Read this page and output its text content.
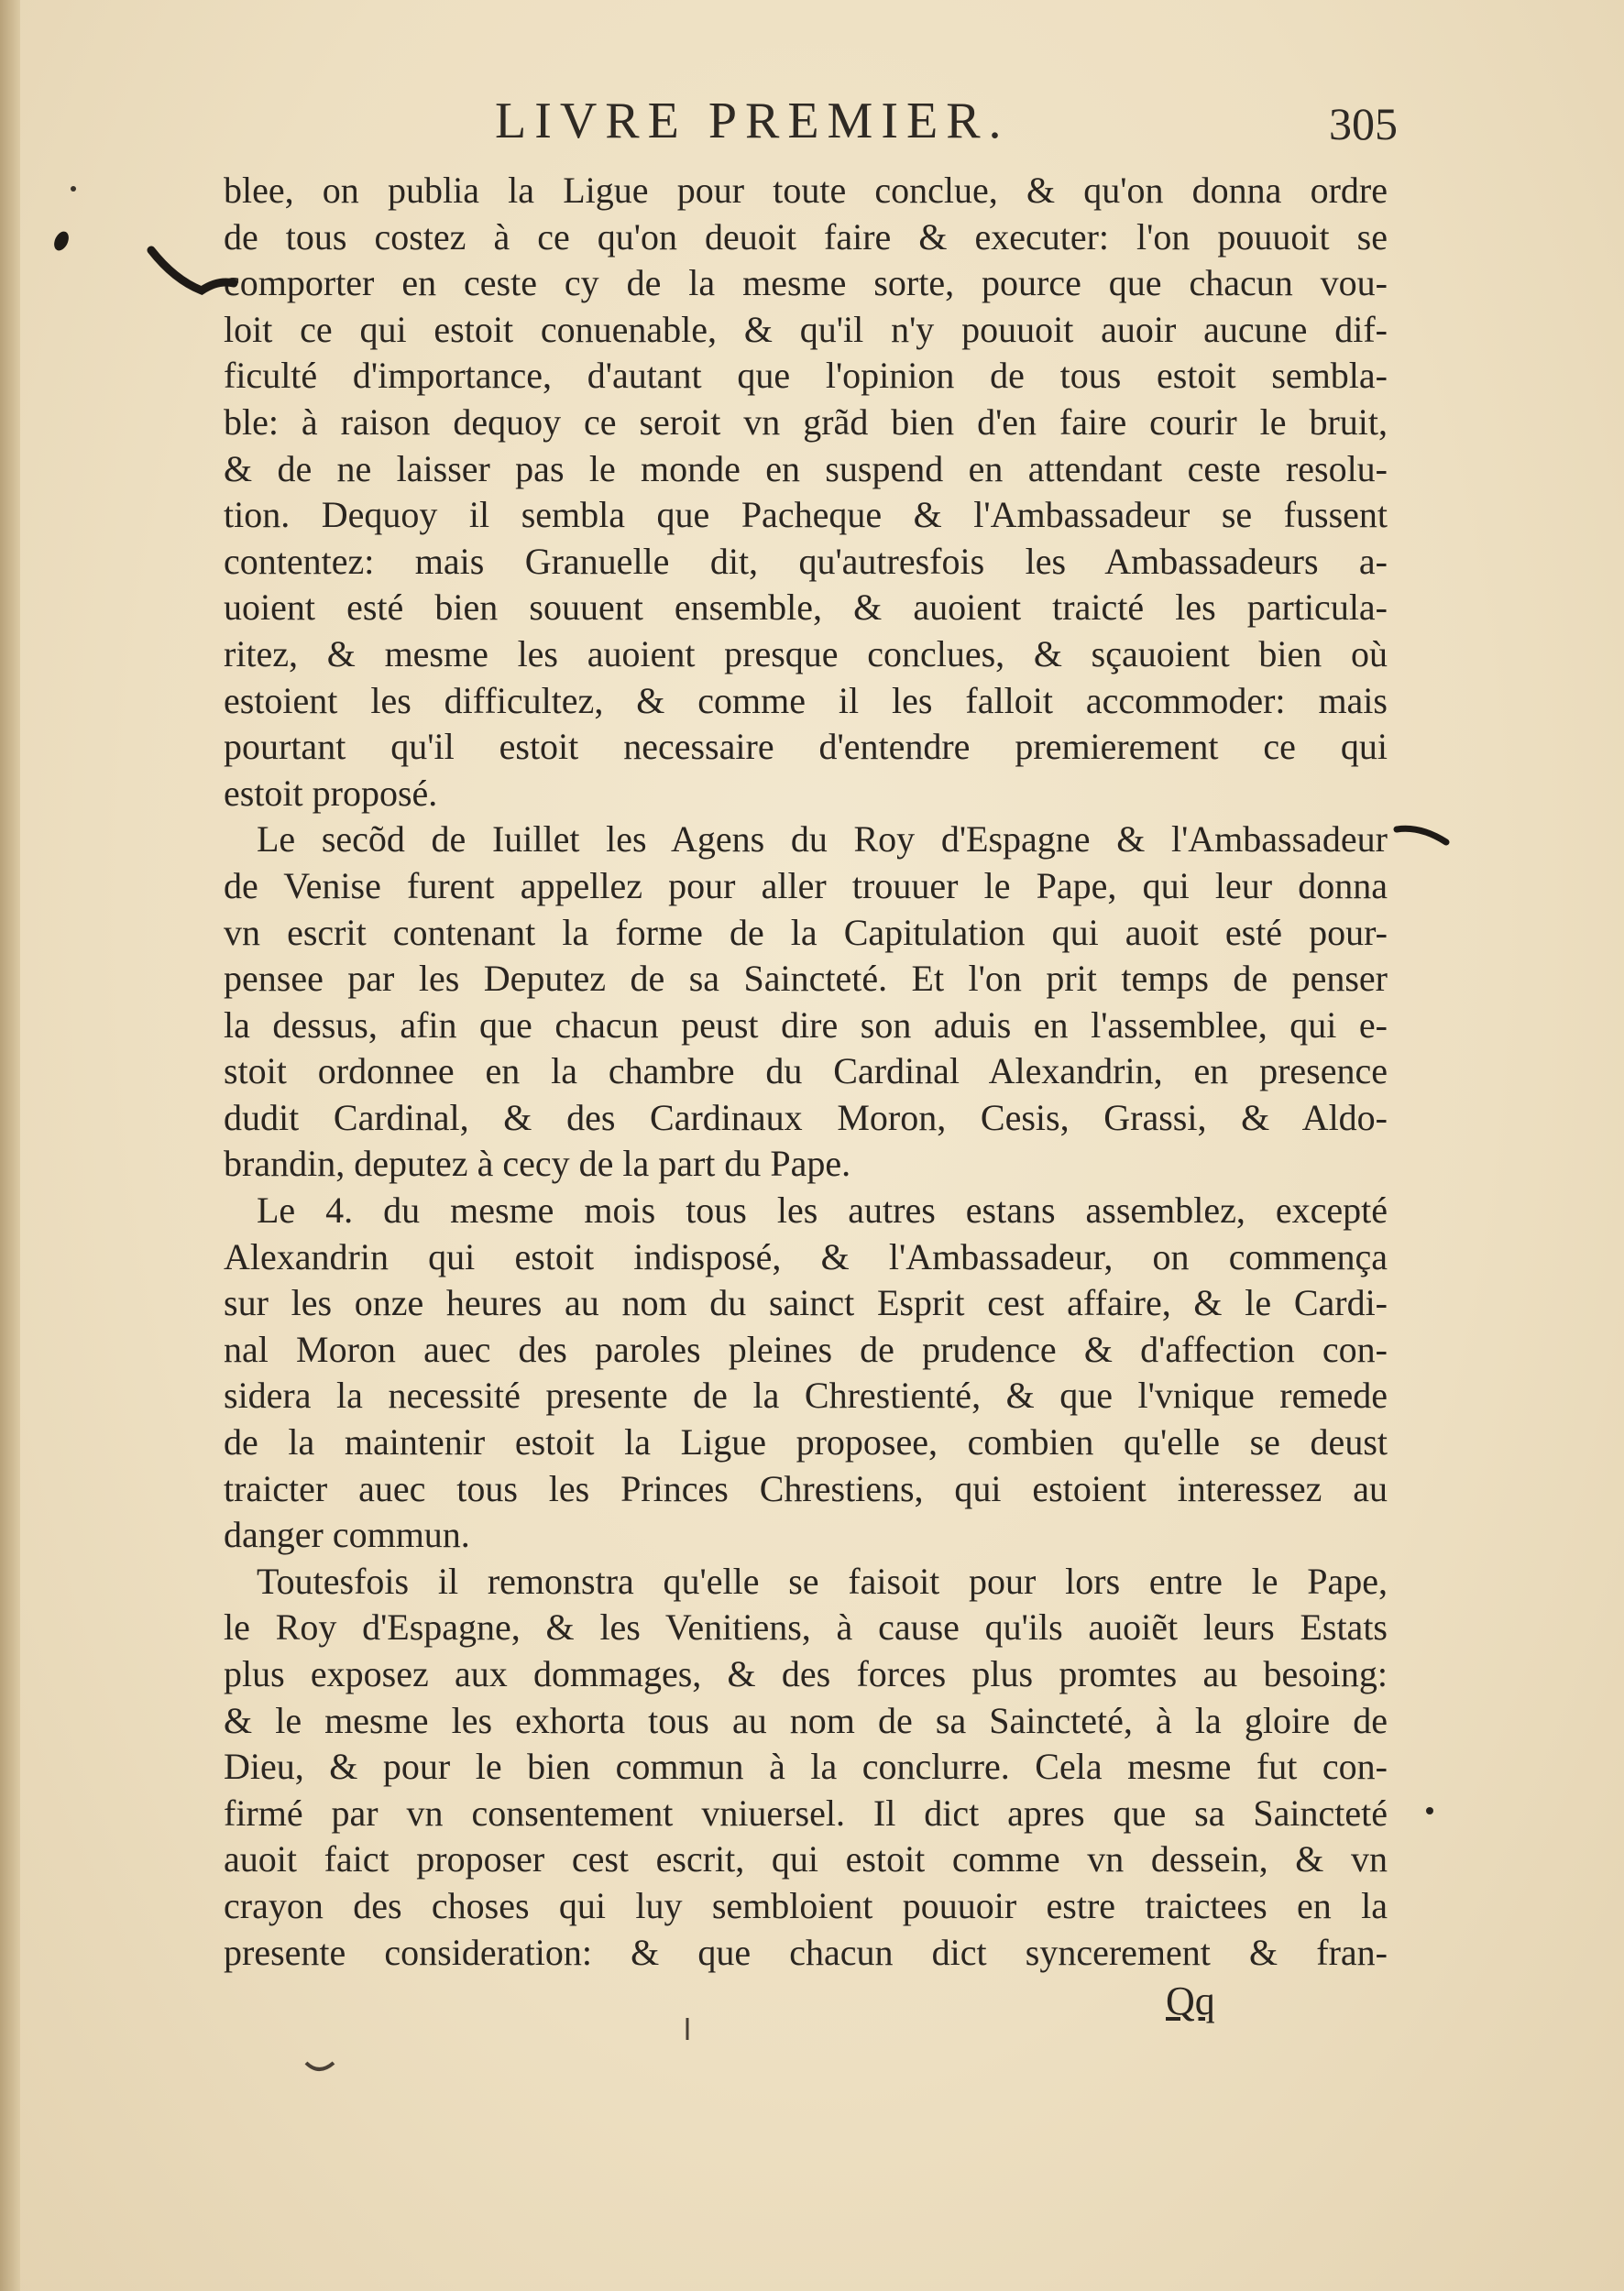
LIVRE PREMIER.	305
blee, on publia la Ligue pour toute conclue, & qu'on donna ordre
de tous costez à ce qu'on deuoit faire & executer: l'on pouuoit se
comporter en ceste cy de la mesme sorte, pource que chacun vou-
loit ce qui estoit conuenable, & qu'il n'y pouuoit auoir aucune dif-
ficulté d'importance, d'autant que l'opinion de tous estoit sembla-
ble: à raison dequoy ce seroit vn grãd bien d'en faire courir le bruit,
& de ne laisser pas le monde en suspend en attendant ceste resolu-
tion. Dequoy il sembla que Pacheque & l'Ambassadeur se fussent
contentez: mais Granuelle dit, qu'autresfois les Ambassadeurs a-
uoient esté bien souuent ensemble, & auoient traicté les particula-
ritez, & mesme les auoient presque conclues, & sçauoient bien où
estoient les difficultez, & comme il les falloit accommoder: mais
pourtant qu'il estoit necessaire d'entendre premierement ce qui
estoit proposé.
Le secõd de Iuillet les Agens du Roy d'Espagne & l'Ambassadeur
de Venise furent appellez pour aller trouuer le Pape, qui leur donna
vn escrit contenant la forme de la Capitulation qui auoit esté pour-
pensee par les Deputez de sa Saincteté. Et l'on prit temps de penser
la dessus, afin que chacun peust dire son aduis en l'assemblee, qui e-
stoit ordonnee en la chambre du Cardinal Alexandrin, en presence
dudit Cardinal, & des Cardinaux Moron, Cesis, Grassi, & Aldo-
brandin, deputez à cecy de la part du Pape.
Le 4. du mesme mois tous les autres estans assemblez, excepté
Alexandrin qui estoit indisposé, & l'Ambassadeur, on commença
sur les onze heures au nom du sainct Esprit cest affaire, & le Cardi-
nal Moron auec des paroles pleines de prudence & d'affection con-
sidera la necessité presente de la Chrestienté, & que l'vnique remede
de la maintenir estoit la Ligue proposee, combien qu'elle se deust
traicter auec tous les Princes Chrestiens, qui estoient interessez au
danger commun.
Toutesfois il remonstra qu'elle se faisoit pour lors entre le Pape,
le Roy d'Espagne, & les Venitiens, à cause qu'ils auoiẽt leurs Estats
plus exposez aux dommages, & des forces plus promtes au besoing:
& le mesme les exhorta tous au nom de sa Saincteté, à la gloire de
Dieu, & pour le bien commun à la conclurre. Cela mesme fut con-
firmé par vn consentement vniuersel. Il dict apres que sa Saincteté
auoit faict proposer cest escrit, qui estoit comme vn dessein, & vn
crayon des choses qui luy sembloient pouuoir estre traictees en la
presente consideration: & que chacun dict syncerement & fran-
Qq
